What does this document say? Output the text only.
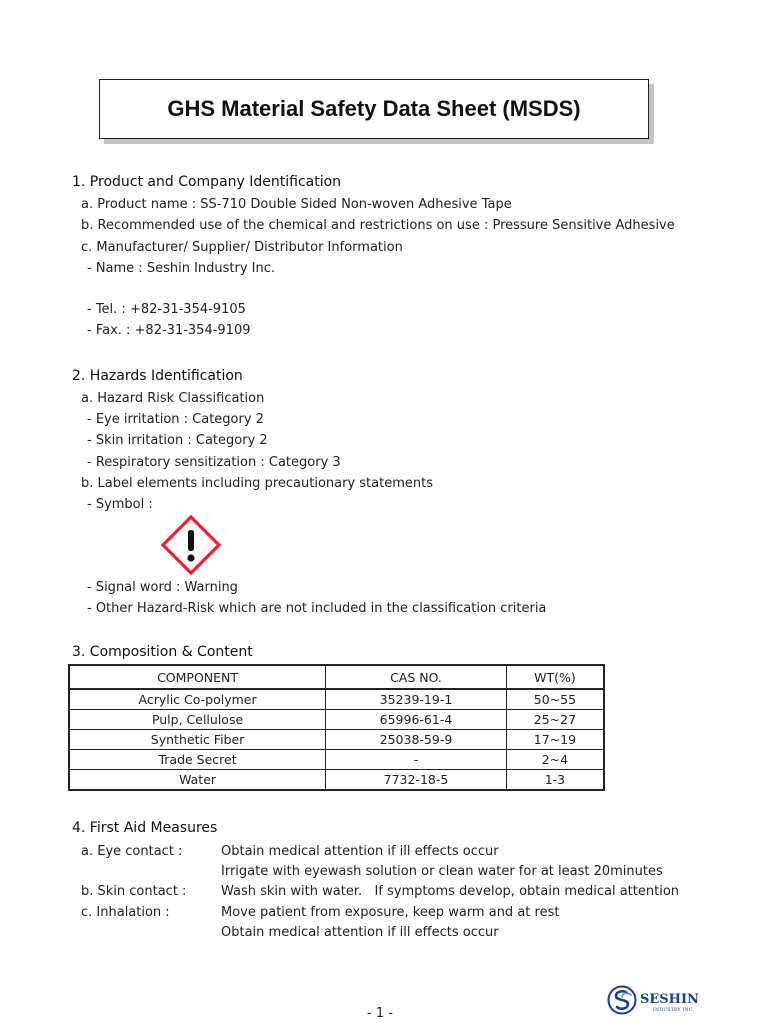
GHS Material Safety Data Sheet (MSDS)
1. Product and Company Identification
a. Product name : SS-710 Double Sided Non-woven Adhesive Tape
b. Recommended use of the chemical and restrictions on use : Pressure Sensitive Adhesive
c. Manufacturer/ Supplier/ Distributor Information
- Name : Seshin Industry Inc.
- Tel. : +82-31-354-9105
- Fax. : +82-31-354-9109
2. Hazards Identification
a. Hazard Risk Classification
- Eye irritation : Category 2
- Skin irritation : Category 2
- Respiratory sensitization : Category 3
b. Label elements including precautionary statements
- Symbol :
- Signal word : Warning
- Other Hazard-Risk which are not included in the classification criteria
3. Composition & Content
COMPONENT	CAS NO.	WT(%)
Acrylic Co-polymer	35239-19-1	50~55
Pulp, Cellulose	65996-61-4	25~27
Synthetic Fiber	25038-59-9	17~19
Trade Secret	-	2~4
Water	7732-18-5	1-3
4. First Aid Measures
a. Eye contact :	Obtain medical attention if ill effects occur
Irrigate with eyewash solution or clean water for at least 20minutes
b. Skin contact :	Wash skin with water.   If symptoms develop, obtain medical attention
c. Inhalation :	Move patient from exposure, keep warm and at rest
Obtain medical attention if ill effects occur
- 1 -
SESHIN
INDUSTRY INC.
